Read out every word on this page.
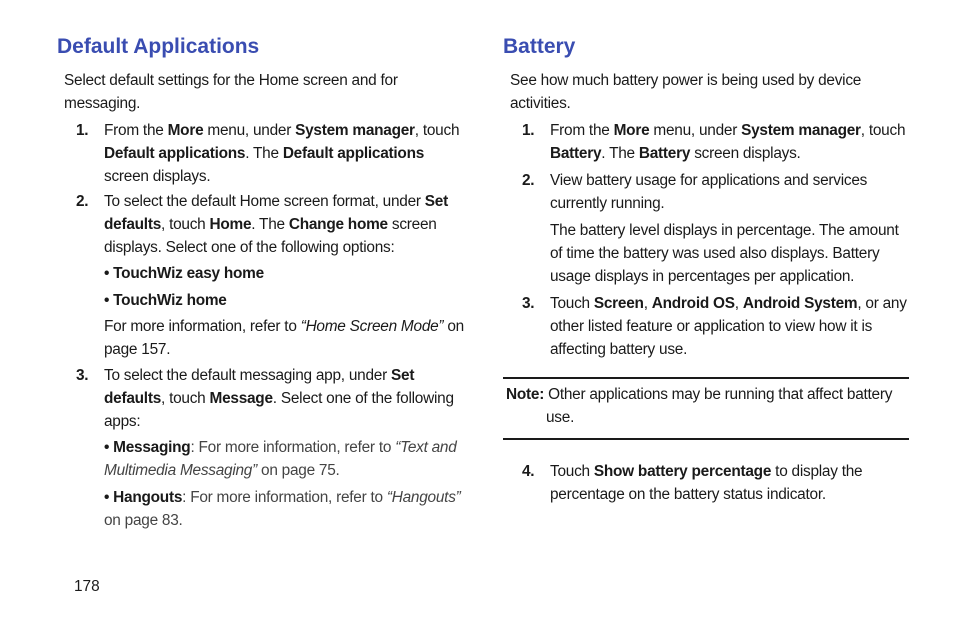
Default Applications
Select default settings for the Home screen and for messaging.
1. From the More menu, under System manager, touch Default applications. The Default applications screen displays.
2. To select the default Home screen format, under Set defaults, touch Home. The Change home screen displays. Select one of the following options:
• TouchWiz easy home
• TouchWiz home
For more information, refer to “Home Screen Mode” on page 157.
3. To select the default messaging app, under Set defaults, touch Message. Select one of the following apps:
• Messaging: For more information, refer to “Text and Multimedia Messaging” on page 75.
• Hangouts: For more information, refer to “Hangouts” on page 83.
Battery
See how much battery power is being used by device activities.
1. From the More menu, under System manager, touch Battery. The Battery screen displays.
2. View battery usage for applications and services currently running.
The battery level displays in percentage. The amount of time the battery was used also displays. Battery usage displays in percentages per application.
3. Touch Screen, Android OS, Android System, or any other listed feature or application to view how it is affecting battery use.
Note: Other applications may be running that affect battery use.
4. Touch Show battery percentage to display the percentage on the battery status indicator.
178
